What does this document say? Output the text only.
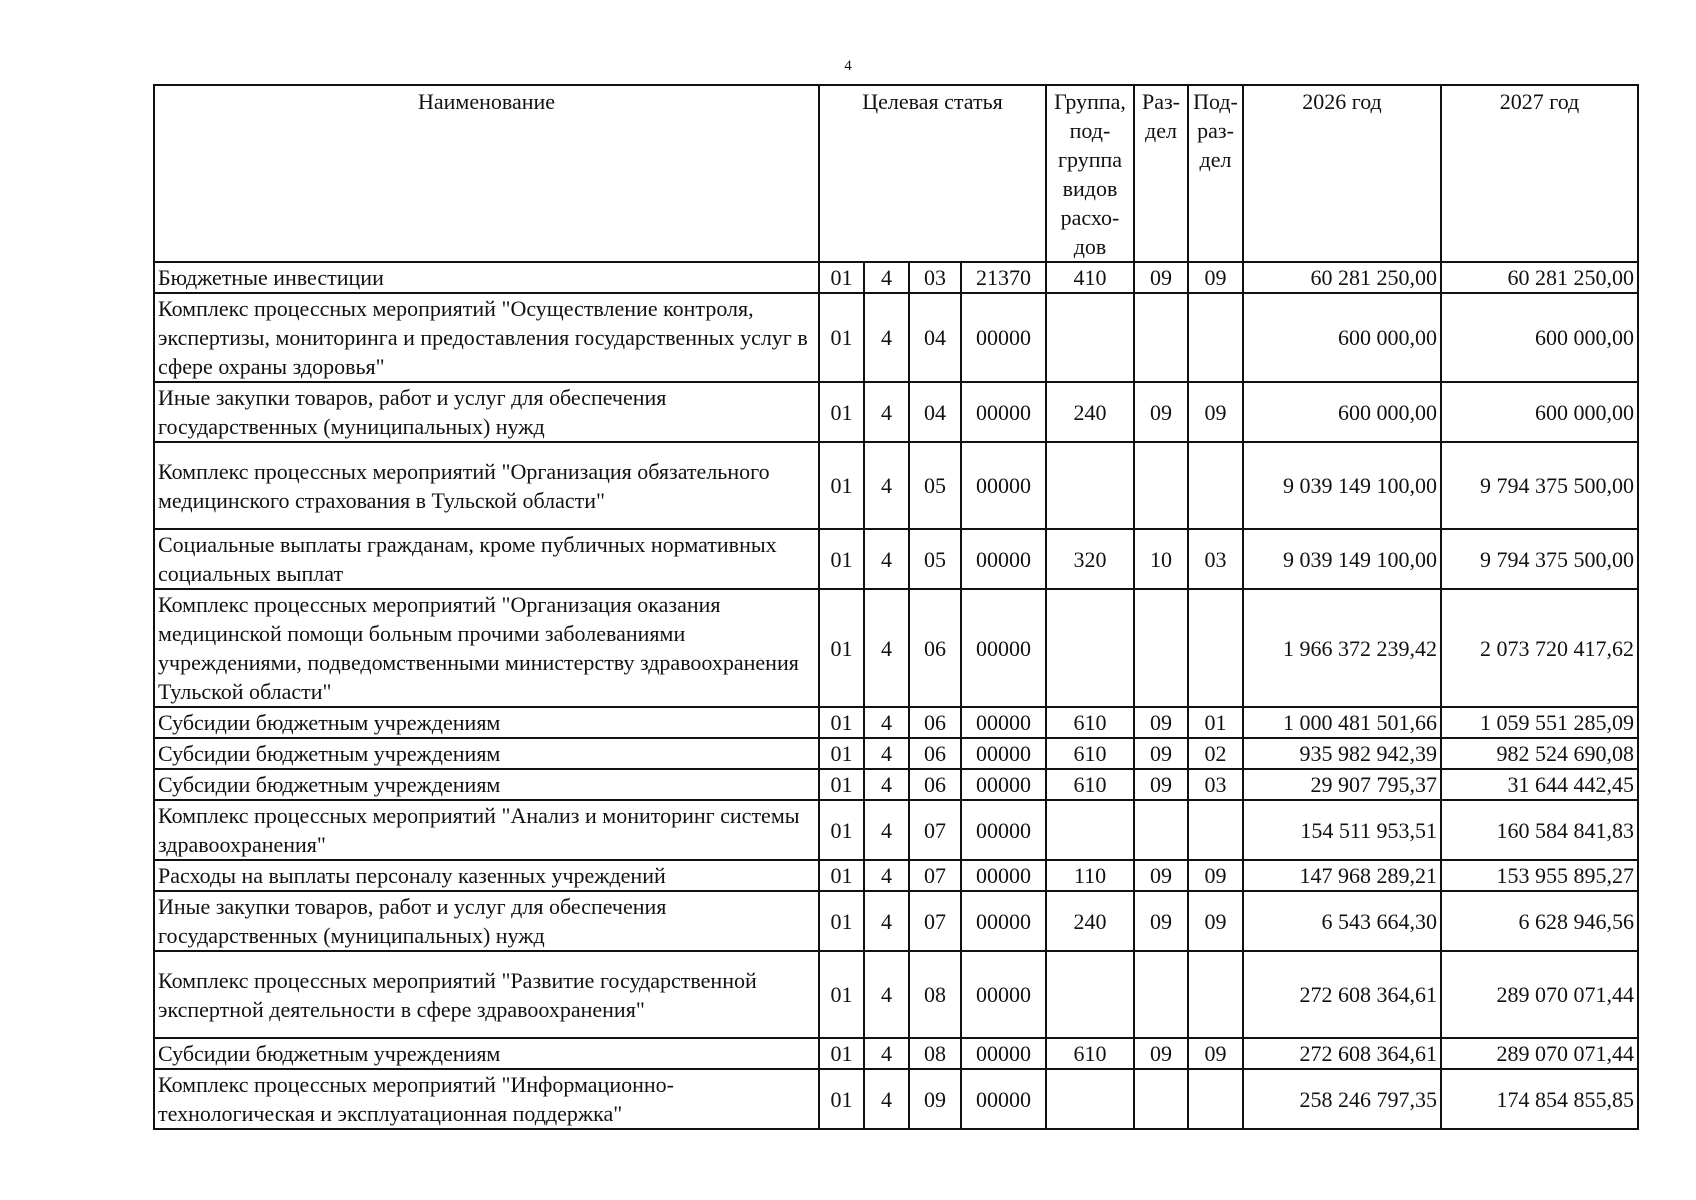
4
Наименование	Целевая статья				Группа, под-группа видов расхо-дов	Раз-дел	Под-раз-дел	2026 год	2027 год
Бюджетные инвестиции	01	4	03	21370	410	09	09	60 281 250,00	60 281 250,00
Комплекс процессных мероприятий "Осуществление контроля, экспертизы, мониторинга и предоставления государственных услуг в сфере охраны здоровья"	01	4	04	00000				600 000,00	600 000,00
Иные закупки товаров, работ и услуг для обеспечения государственных (муниципальных) нужд	01	4	04	00000	240	09	09	600 000,00	600 000,00
Комплекс процессных мероприятий "Организация обязательного медицинского страхования в Тульской области"	01	4	05	00000				9 039 149 100,00	9 794 375 500,00
Социальные выплаты гражданам, кроме публичных нормативных социальных выплат	01	4	05	00000	320	10	03	9 039 149 100,00	9 794 375 500,00
Комплекс процессных мероприятий "Организация оказания медицинской помощи больным прочими заболеваниями учреждениями, подведомственными министерству здравоохранения Тульской области"	01	4	06	00000				1 966 372 239,42	2 073 720 417,62
Субсидии бюджетным учреждениям	01	4	06	00000	610	09	01	1 000 481 501,66	1 059 551 285,09
Субсидии бюджетным учреждениям	01	4	06	00000	610	09	02	935 982 942,39	982 524 690,08
Субсидии бюджетным учреждениям	01	4	06	00000	610	09	03	29 907 795,37	31 644 442,45
Комплекс процессных мероприятий "Анализ и мониторинг системы здравоохранения"	01	4	07	00000				154 511 953,51	160 584 841,83
Расходы на выплаты персоналу казенных учреждений	01	4	07	00000	110	09	09	147 968 289,21	153 955 895,27
Иные закупки товаров, работ и услуг для обеспечения государственных (муниципальных) нужд	01	4	07	00000	240	09	09	6 543 664,30	6 628 946,56
Комплекс процессных мероприятий "Развитие государственной экспертной деятельности в сфере здравоохранения"	01	4	08	00000				272 608 364,61	289 070 071,44
Субсидии бюджетным учреждениям	01	4	08	00000	610	09	09	272 608 364,61	289 070 071,44
Комплекс процессных мероприятий "Информационно-технологическая и эксплуатационная поддержка"	01	4	09	00000				258 246 797,35	174 854 855,85
